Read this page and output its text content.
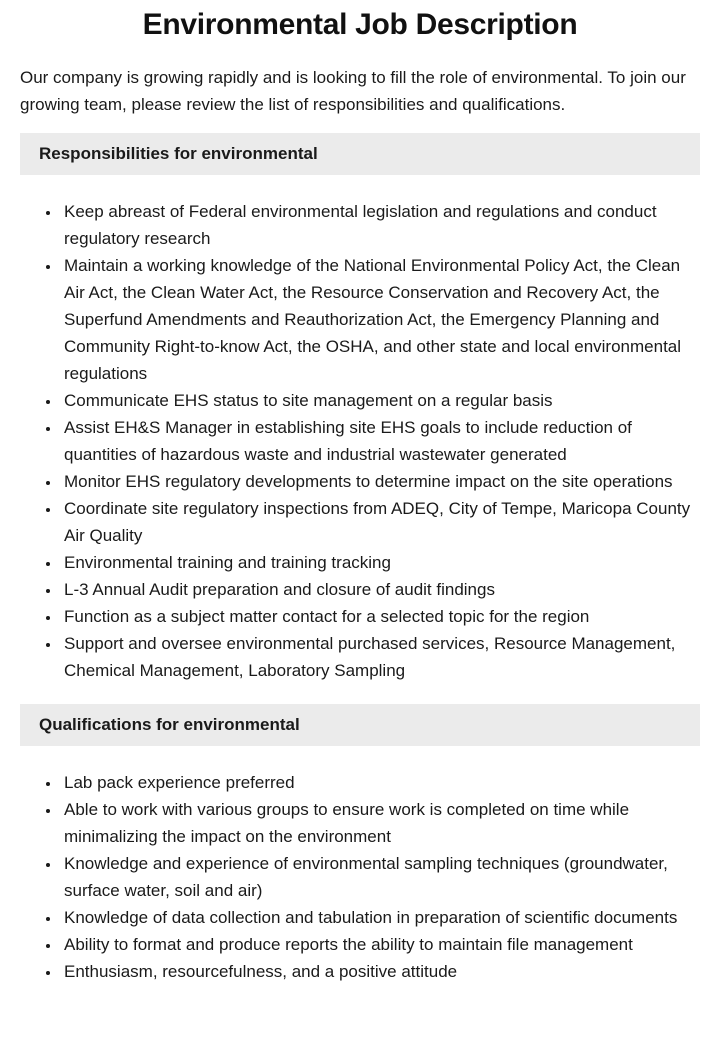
Environmental Job Description

Our company is growing rapidly and is looking to fill the role of environmental. To join our growing team, please review the list of responsibilities and qualifications.

Responsibilities for environmental
• Keep abreast of Federal environmental legislation and regulations and conduct regulatory research
• Maintain a working knowledge of the National Environmental Policy Act, the Clean Air Act, the Clean Water Act, the Resource Conservation and Recovery Act, the Superfund Amendments and Reauthorization Act, the Emergency Planning and Community Right-to-know Act, the OSHA, and other state and local environmental regulations
• Communicate EHS status to site management on a regular basis
• Assist EH&S Manager in establishing site EHS goals to include reduction of quantities of hazardous waste and industrial wastewater generated
• Monitor EHS regulatory developments to determine impact on the site operations
• Coordinate site regulatory inspections from ADEQ, City of Tempe, Maricopa County Air Quality
• Environmental training and training tracking
• L-3 Annual Audit preparation and closure of audit findings
• Function as a subject matter contact for a selected topic for the region
• Support and oversee environmental purchased services, Resource Management, Chemical Management, Laboratory Sampling
Qualifications for environmental
• Lab pack experience preferred
• Able to work with various groups to ensure work is completed on time while minimalizing the impact on the environment
• Knowledge and experience of environmental sampling techniques (groundwater, surface water, soil and air)
• Knowledge of data collection and tabulation in preparation of scientific documents
• Ability to format and produce reports the ability to maintain file management
• Enthusiasm, resourcefulness, and a positive attitude
